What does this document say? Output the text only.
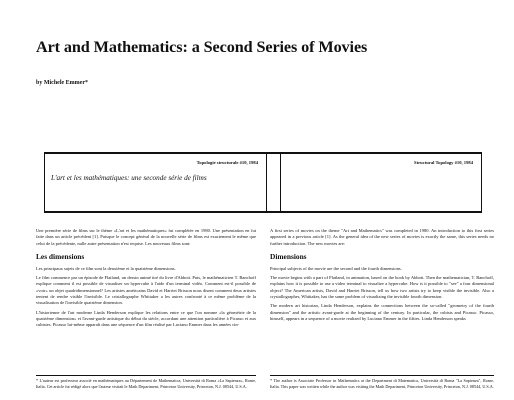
Art and Mathematics: a Second Series of Movies
by Michele Emmer*
Topologie structurale #10, 1984
L'art et les mathématiques: une seconde série de films
Structural Topology #10, 1984

Une première série de films sur le thème «L'art et les mathématiques» fut complétée en 1980. Une présentation en fut faite dans un article précédent [1]. Puisque le concept général de la nouvelle série de films est exactement le même que celui de la précédente, nulle autre présentation n'est requise. Les nouveaux films sont:

Les dimensions

Les principaux sujets de ce film sont la deuxième et la quatrième dimensions.

Le film commence par un épisode de Flatland, un dessin animé tiré du livre d'Abbott. Puis, le mathématicien T. Banchoff explique comment il est possible de visualiser un hypercube à l'aide d'un terminal vidéo. Comment est-il possible de «voir» un objet quadridimensionnel? Les artistes américains David et Harriet Brisson nous disent comment deux artistes tentent de rendre visible l'invisible. Le cristallographe Whittaker a les autres confronté à ce même problème de la visualisation de l'invisible quatrième dimension.

L'historienne de l'art moderne Linda Henderson explique les relations entre ce que l'on nomme «la géométrie de la quatrième dimension» et l'avant-garde artistique du début du siècle, accordant une attention particulière à Picasso et aux cubistes. Picasso lui-même apparaît dans une séquence d'un film réalisé par Luciano Emmer dans les années cin-

A first series of movies on the theme "Art and Mathematics" was completed in 1980. An introduction to this first series appeared in a previous article [1]. As the general idea of the new series of movies is exactly the same, this series needs no further introduction. The new movies are:

Dimensions

Principal subjects of the movie are the second and the fourth dimensions.

The movie begins with a part of Flatland, in animation, based on the book by Abbott. Then the mathematician, T. Banchoff, explains how it is possible to use a video terminal to visualize a hypercube. How is it possible to "see" a four dimensional object? The American artists, David and Harriet Brisson, tell us how two artists try to keep visible the invisible. Also a crystallographer, Whittaker, has the same problem of visualizing the invisible fourth dimension.

The modern art historian, Linda Henderson, explains the connections between the so-called "geometry of the fourth dimension" and the artistic avant-garde at the beginning of the century. In particular, the cubists and Picasso. Picasso, himself, appears in a sequence of a movie realized by Luciano Emmer in the fifties. Linda Henderson speaks

* L'auteur est professeur associé en mathématiques au Département de Mathematica, Università di Roma «La Sapienza», Rome, Italia. Cet article fut rédigé alors que l'auteur visitait le Math Department, Princeton University, Princeton, N.J. 08544, U.S.A.
* The author is Associate Professor in Mathematics at the Department di Matematica, Università di Roma "La Sapienza", Rome, Italia. This paper was written while the author was visiting the Math Department, Princeton University, Princeton, N.J. 08544, U.S.A.
